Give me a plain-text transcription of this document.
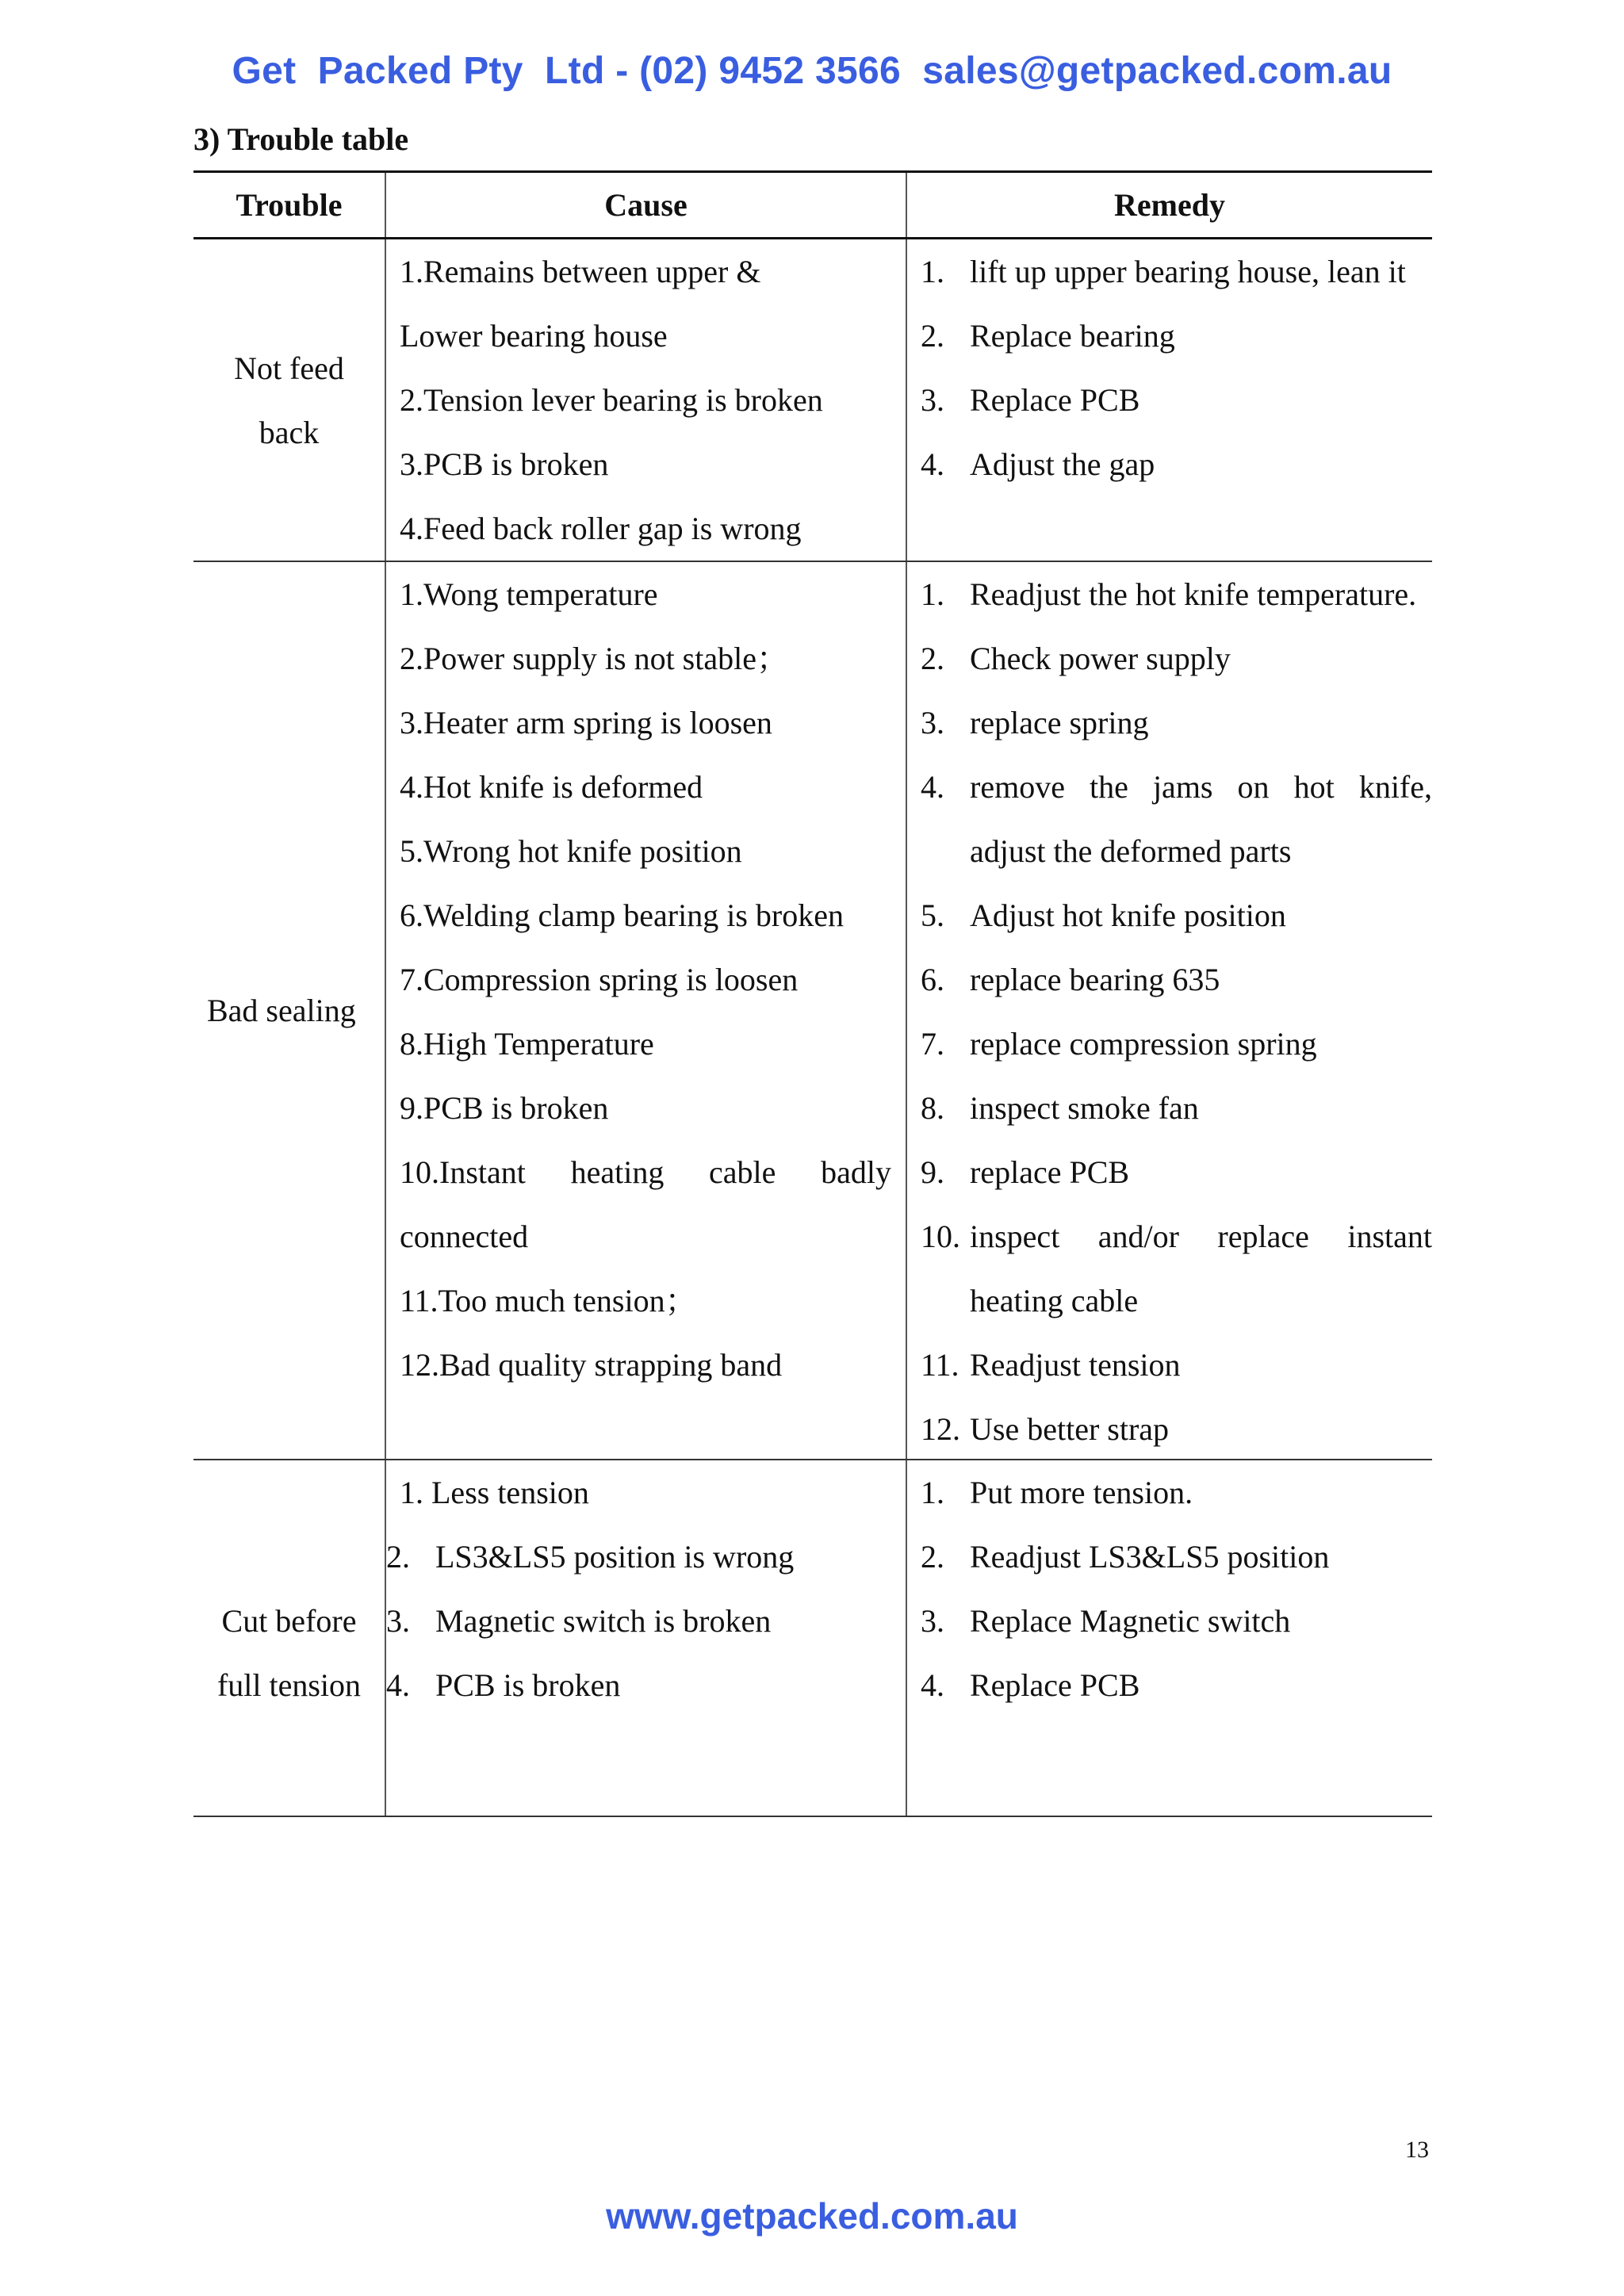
Get  Packed Pty  Ltd - (02) 9452 3566  sales@getpacked.com.au
3) Trouble table
Trouble	Cause	Remedy
Not feed
back
1.Remains between upper &
Lower bearing house
2.Tension lever bearing is broken
3.PCB is broken
4.Feed back roller gap is wrong
1. lift up upper bearing house, lean it
2. Replace bearing
3. Replace PCB
4. Adjust the gap
Bad sealing
1.Wong temperature
2.Power supply is not stable；
3.Heater arm spring is loosen
4.Hot knife is deformed
5.Wrong hot knife position
6.Welding clamp bearing is broken
7.Compression spring is loosen
8.High Temperature
9.PCB is broken
10.Instant heating cable badly connected
11.Too much tension；
12.Bad quality strapping band
1. Readjust the hot knife temperature.
2. Check power supply
3. replace spring
4. remove the jams on hot knife, adjust the deformed parts
5. Adjust hot knife position
6. replace bearing 635
7. replace compression spring
8. inspect smoke fan
9. replace PCB
10. inspect and/or replace instant heating cable
11. Readjust tension
12. Use better strap
Cut before
full tension
1. Less tension
2. LS3&LS5 position is wrong
3. Magnetic switch is broken
4. PCB is broken
1. Put more tension.
2. Readjust LS3&LS5 position
3. Replace Magnetic switch
4. Replace PCB
13
www.getpacked.com.au
